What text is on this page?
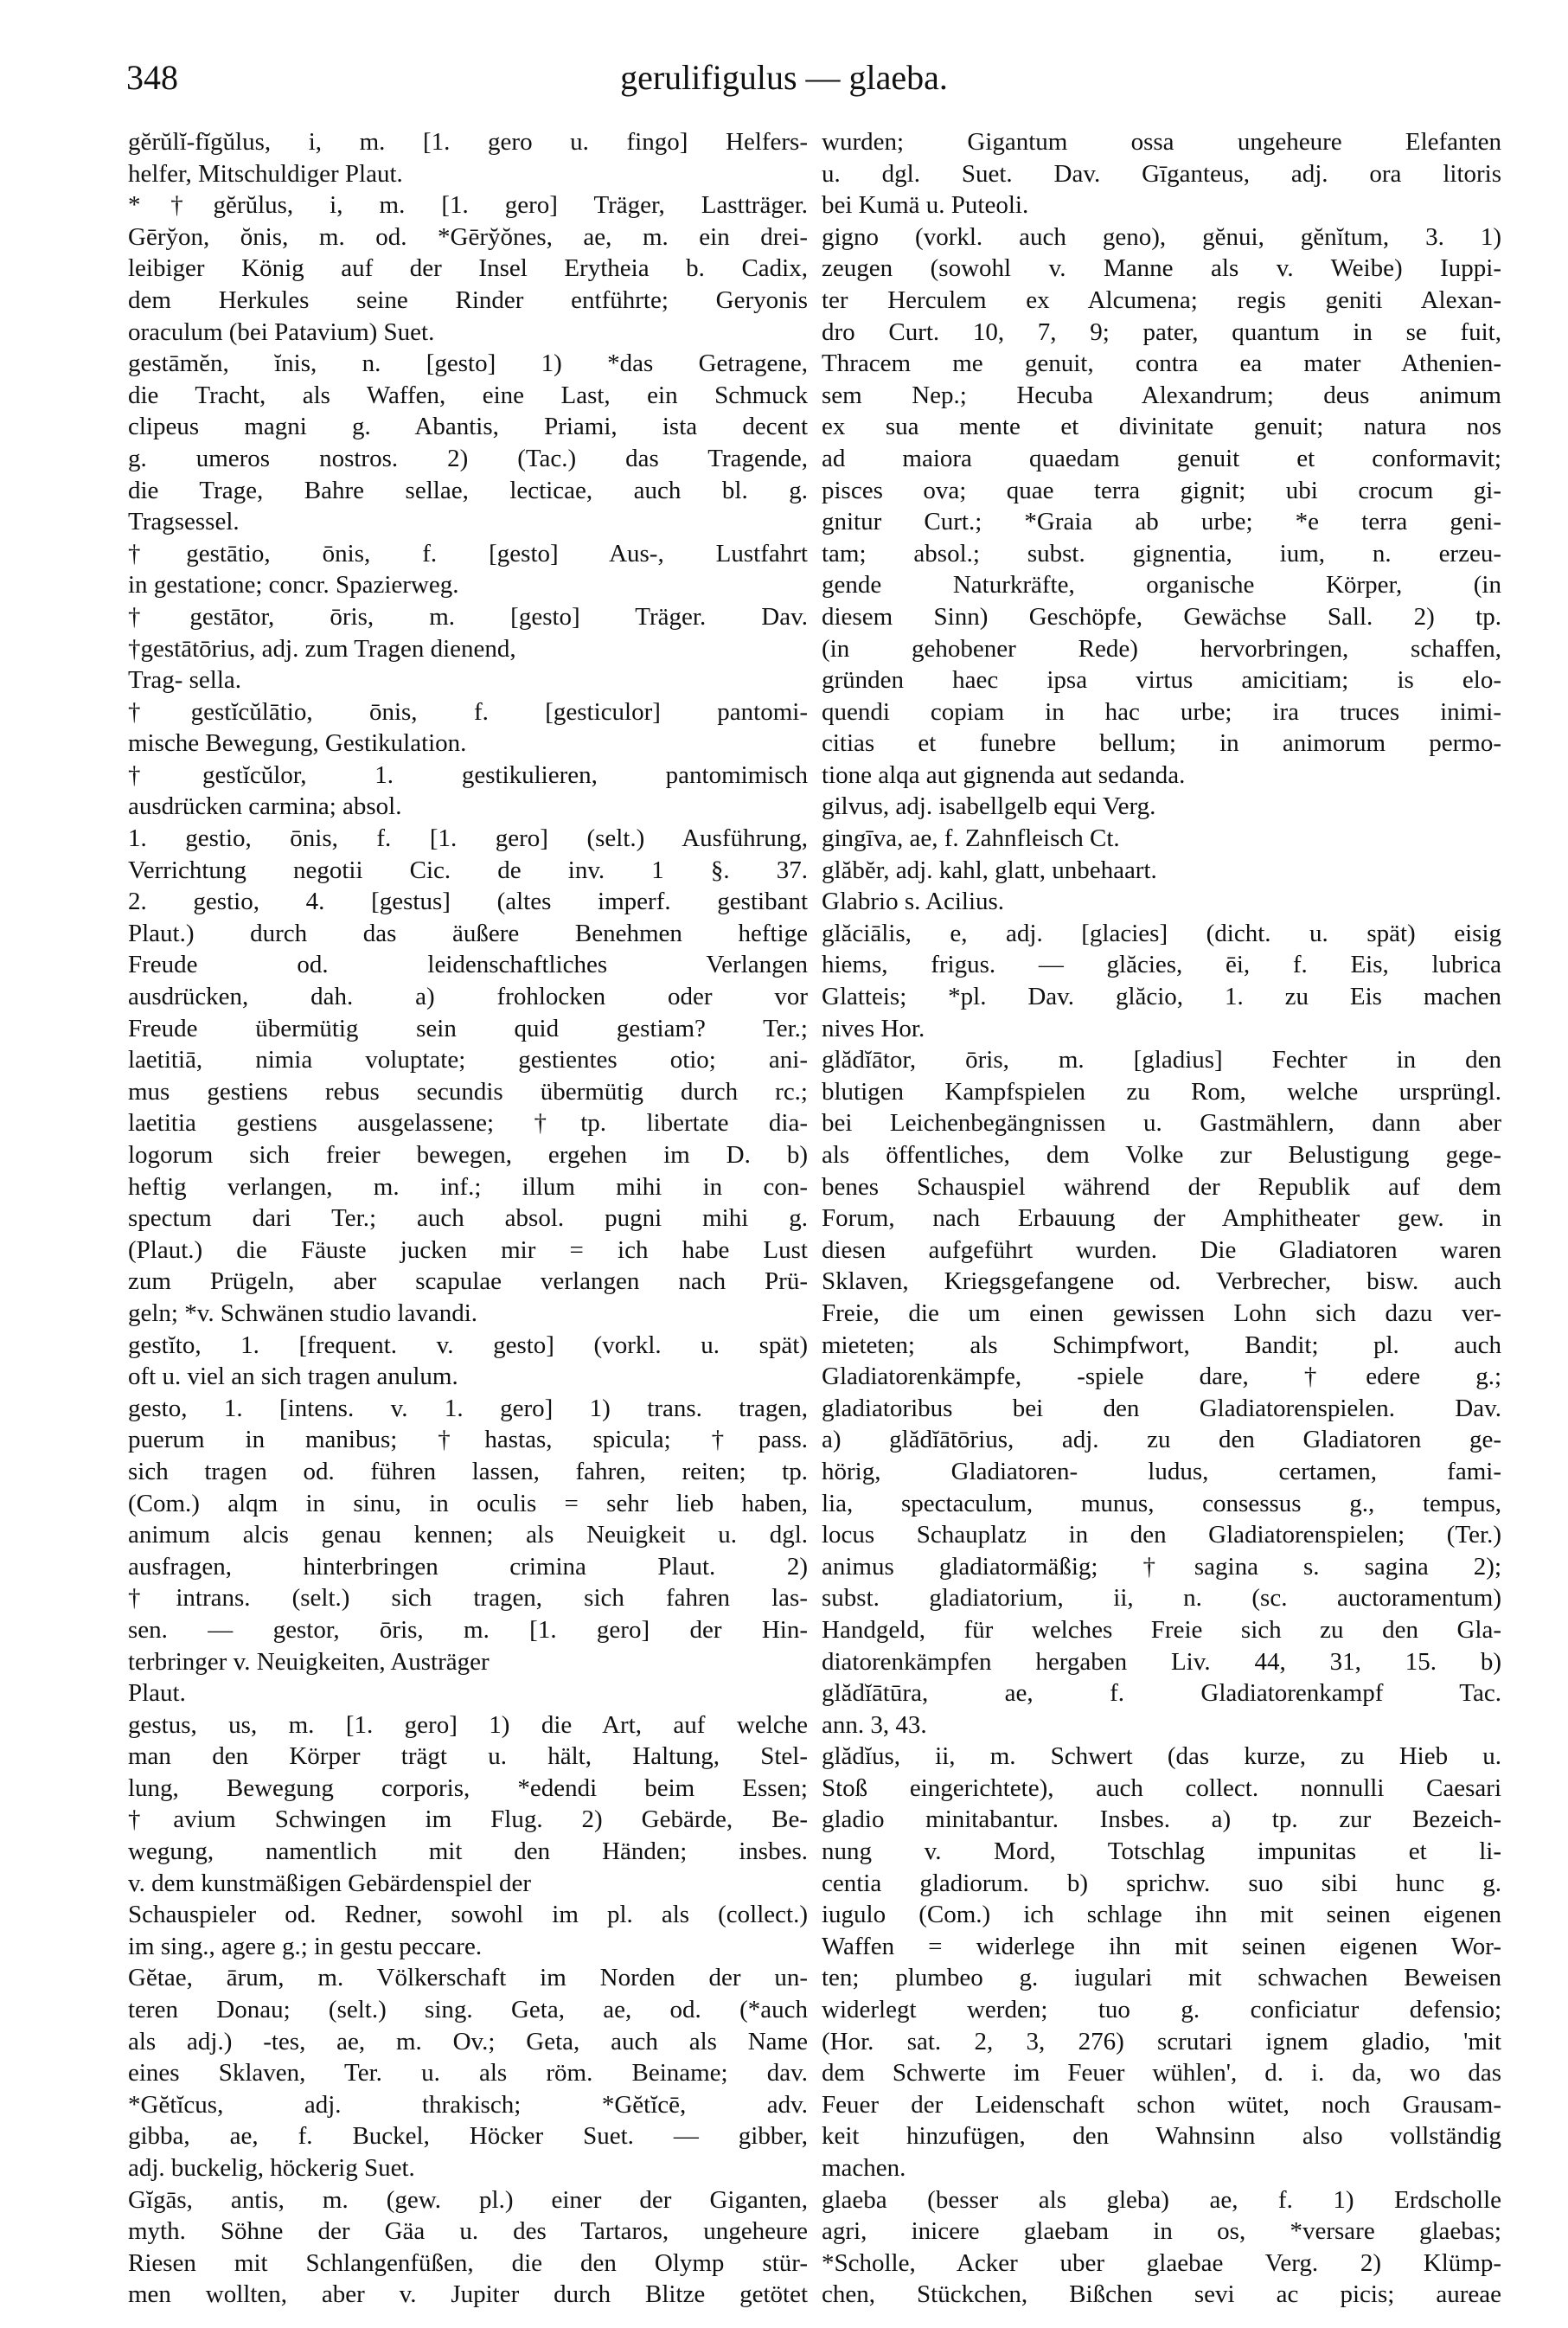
348	gerulifigulus — glaeba.
gĕrŭlĭ-fĭgŭlus, i, m. [1. gero u. fingo] Helfers-
helfer, Mitschuldiger Plaut.
*†gĕrŭlus, i, m. [1. gero] Träger, Lastträger.
Gēry̆on, ŏnis, m. od. *Gēry̆ŏnes, ae, m. ein drei-
leibiger König auf der Insel Erytheia b. Cadix,
dem Herkules seine Rinder entführte; Geryonis
oraculum (bei Patavium) Suet.
gestāmĕn, ĭnis, n. [gesto] 1) *das Getragene,
die Tracht, als Waffen, eine Last, ein Schmuck
clipeus magni g. Abantis, Priami, ista decent
g. umeros nostros. 2) (Tac.) das Tragende,
die Trage, Bahre sellae, lecticae, auch bl. g.
Tragsessel.
†gestātio, ōnis, f. [gesto] Aus-, Lustfahrt
in gestatione; concr. Spazierweg.
†gestātor, ōris, m. [gesto] Träger. Dav.
†gestātōrius, adj. zum Tragen dienend,
Trag- sella.
†gestĭcŭlātio, ōnis, f. [gesticulor] pantomi-
mische Bewegung, Gestikulation.
†gestĭcŭlor, 1. gestikulieren, pantomimisch
ausdrücken carmina; absol.
1. gestio, ōnis, f. [1. gero] (selt.) Ausführung,
Verrichtung negotii Cic. de inv. 1 §. 37.
2. gestio, 4. [gestus] (altes imperf. gestibant
Plaut.) durch das äußere Benehmen heftige
Freude od. leidenschaftliches Verlangen
ausdrücken, dah. a) frohlocken oder vor
Freude übermütig sein quid gestiam? Ter.;
laetitiā, nimia voluptate; gestientes otio; ani-
mus gestiens rebus secundis übermütig durch rc.;
laetitia gestiens ausgelassene; †tp. libertate dia-
logorum sich freier bewegen, ergehen im D. b)
heftig verlangen, m. inf.; illum mihi in con-
spectum dari Ter.; auch absol. pugni mihi g.
(Plaut.) die Fäuste jucken mir = ich habe Lust
zum Prügeln, aber scapulae verlangen nach Prü-
geln; *v. Schwänen studio lavandi.
gestĭto, 1. [frequent. v. gesto] (vorkl. u. spät)
oft u. viel an sich tragen anulum.
gesto, 1. [intens. v. 1. gero] 1) trans. tragen,
puerum in manibus; †hastas, spicula; †pass.
sich tragen od. führen lassen, fahren, reiten; tp.
(Com.) alqm in sinu, in oculis = sehr lieb haben,
animum alcis genau kennen; als Neuigkeit u. dgl.
ausfragen, hinterbringen crimina Plaut. 2)
†intrans. (selt.) sich tragen, sich fahren las-
sen. — gestor, ōris, m. [1. gero] der Hin-
terbringer v. Neuigkeiten, Austräger
Plaut.
gestus, us, m. [1. gero] 1) die Art, auf welche
man den Körper trägt u. hält, Haltung, Stel-
lung, Bewegung corporis, *edendi beim Essen;
†avium Schwingen im Flug. 2) Gebärde, Be-
wegung, namentlich mit den Händen; insbes.
v. dem kunstmäßigen Gebärdenspiel der
Schauspieler od. Redner, sowohl im pl. als (collect.)
im sing., agere g.; in gestu peccare.
Gĕtae, ārum, m. Völkerschaft im Norden der un-
teren Donau; (selt.) sing. Geta, ae, od. (*auch
als adj.) -tes, ae, m. Ov.; Geta, auch als Name
eines Sklaven, Ter. u. als röm. Beiname; dav.
*Gĕtĭcus, adj. thrakisch; *Gĕtĭcē, adv.
gibba, ae, f. Buckel, Höcker Suet. — gibber,
adj. buckelig, höckerig Suet.
Gĭgās, antis, m. (gew. pl.) einer der Giganten,
myth. Söhne der Gäa u. des Tartaros, ungeheure
Riesen mit Schlangenfüßen, die den Olymp stür-
men wollten, aber v. Jupiter durch Blitze getötet
wurden; Gigantum ossa ungeheure Elefanten
u. dgl. Suet. Dav. Gīganteus, adj. ora litoris
bei Kumä u. Puteoli.
gigno (vorkl. auch geno), gĕnui, gĕnĭtum, 3. 1)
zeugen (sowohl v. Manne als v. Weibe) Iuppi-
ter Herculem ex Alcumena; regis geniti Alexan-
dro Curt. 10, 7, 9; pater, quantum in se fuit,
Thracem me genuit, contra ea mater Athenien-
sem Nep.; Hecuba Alexandrum; deus animum
ex sua mente et divinitate genuit; natura nos
ad maiora quaedam genuit et conformavit;
pisces ova; quae terra gignit; ubi crocum gi-
gnitur Curt.; *Graia ab urbe; *e terra geni-
tam; absol.; subst. gignentia, ium, n. erzeu-
gende Naturkräfte, organische Körper, (in
diesem Sinn) Geschöpfe, Gewächse Sall. 2) tp.
(in gehobener Rede) hervorbringen, schaffen,
gründen haec ipsa virtus amicitiam; is elo-
quendi copiam in hac urbe; ira truces inimi-
citias et funebre bellum; in animorum permo-
tione alqa aut gignenda aut sedanda.
gilvus, adj. isabellgelb equi Verg.
gingīva, ae, f. Zahnfleisch Ct.
glăbĕr, adj. kahl, glatt, unbehaart.
Glabrio s. Acilius.
glăciālis, e, adj. [glacies] (dicht. u. spät) eisig
hiems, frigus. — glăcies, ēi, f. Eis, lubrica
Glatteis; *pl. Dav. glăcio, 1. zu Eis machen
nives Hor.
glădĭātor, ōris, m. [gladius] Fechter in den
blutigen Kampfspielen zu Rom, welche ursprüngl.
bei Leichenbegängnissen u. Gastmählern, dann aber
als öffentliches, dem Volke zur Belustigung gege-
benes Schauspiel während der Republik auf dem
Forum, nach Erbauung der Amphitheater gew. in
diesen aufgeführt wurden. Die Gladiatoren waren
Sklaven, Kriegsgefangene od. Verbrecher, bisw. auch
Freie, die um einen gewissen Lohn sich dazu ver-
mieteten; als Schimpfwort, Bandit; pl. auch
Gladiatorenkämpfe, -spiele dare, †edere g.;
gladiatoribus bei den Gladiatorenspielen. Dav.
a) glădĭātōrius, adj. zu den Gladiatoren ge-
hörig, Gladiatoren- ludus, certamen, fami-
lia, spectaculum, munus, consessus g., tempus,
locus Schauplatz in den Gladiatorenspielen; (Ter.)
animus gladiatormäßig; †sagina s. sagina 2);
subst. gladiatorium, ii, n. (sc. auctoramentum)
Handgeld, für welches Freie sich zu den Gla-
diatorenkämpfen hergaben Liv. 44, 31, 15. b)
glădĭātūra, ae, f. Gladiatorenkampf Tac.
ann. 3, 43.
glădĭus, ii, m. Schwert (das kurze, zu Hieb u.
Stoß eingerichtete), auch collect. nonnulli Caesari
gladio minitabantur. Insbes. a) tp. zur Bezeich-
nung v. Mord, Totschlag impunitas et li-
centia gladiorum. b) sprichw. suo sibi hunc g.
iugulo (Com.) ich schlage ihn mit seinen eigenen
Waffen = widerlege ihn mit seinen eigenen Wor-
ten; plumbeo g. iugulari mit schwachen Beweisen
widerlegt werden; tuo g. conficiatur defensio;
(Hor. sat. 2, 3, 276) scrutari ignem gladio, 'mit
dem Schwerte im Feuer wühlen', d. i. da, wo das
Feuer der Leidenschaft schon wütet, noch Grausam-
keit hinzufügen, den Wahnsinn also vollständig
machen.
glaeba (besser als gleba) ae, f. 1) Erdscholle
agri, inicere glaebam in os, *versare glaebas;
*Scholle, Acker uber glaebae Verg. 2) Klümp-
chen, Stückchen, Bißchen sevi ac picis; aureae
